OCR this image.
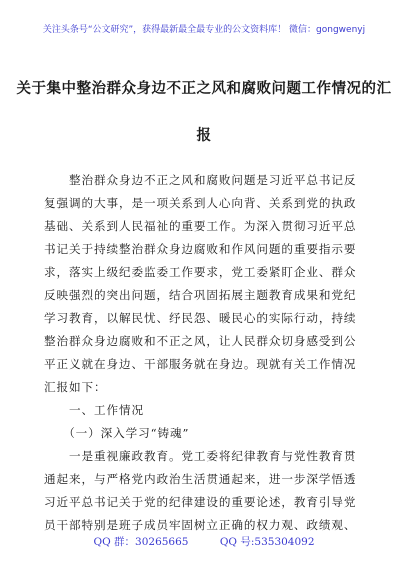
关注头条号“公文研究”，获得最新最全最专业的公文资料库！ 微信：gongwenyj
关于集中整治群众身边不正之风和腐败问题工作情况的汇
报
　　整治群众身边不正之风和腐败问题是习近平总书记反
复强调的大事，是一项关系到人心向背、关系到党的执政
基础、关系到人民福祉的重要工作。为深入贯彻习近平总
书记关于持续整治群众身边腐败和作风问题的重要指示要
求，落实上级纪委监委工作要求，党工委紧盯企业、群众
反映强烈的突出问题，结合巩固拓展主题教育成果和党纪
学习教育，以解民忧、纾民怨、暖民心的实际行动，持续
整治群众身边腐败和不正之风，让人民群众切身感受到公
平正义就在身边、干部服务就在身边。现就有关工作情况
汇报如下：
　　一、工作情况
　　（一）深入学习“铸魂”
　　一是重视廉政教育。党工委将纪律教育与党性教育贯
通起来，与严格党内政治生活贯通起来，进一步深学悟透
习近平总书记关于党的纪律建设的重要论述，教育引导党
员干部特别是班子成员牢固树立正确的权力观、政绩观、
QQ 群：30265665	QQ 号:535304092
